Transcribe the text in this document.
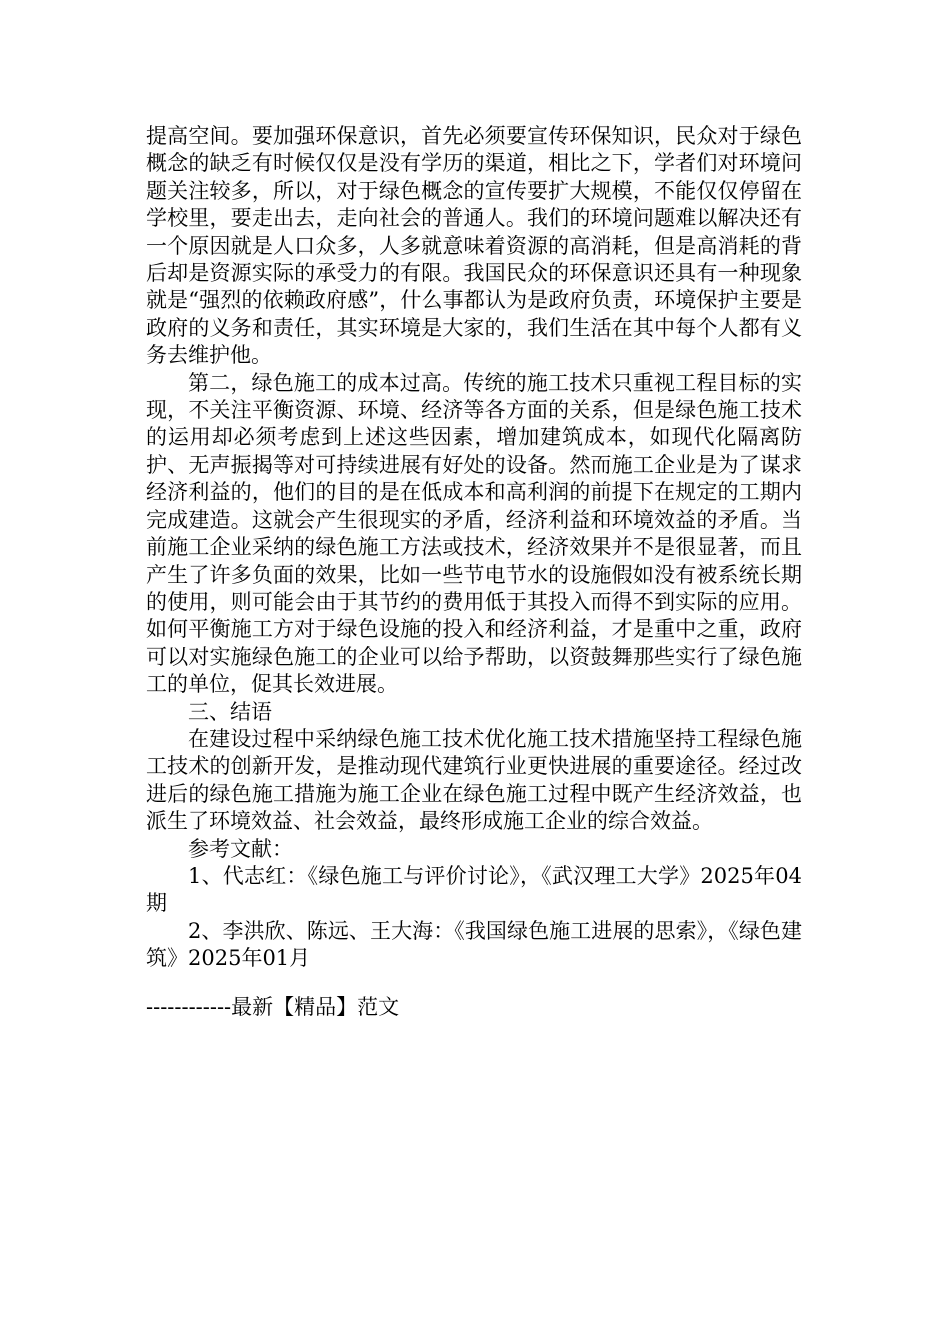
提高空间。要加强环保意识，首先必须要宣传环保知识，民众对于绿色概念的缺乏有时候仅仅是没有学历的渠道，相比之下，学者们对环境问题关注较多，所以，对于绿色概念的宣传要扩大规模，不能仅仅停留在学校里，要走出去，走向社会的普通人。我们的环境问题难以解决还有一个原因就是人口众多，人多就意味着资源的高消耗，但是高消耗的背后却是资源实际的承受力的有限。我国民众的环保意识还具有一种现象就是“强烈的依赖政府感”，什么事都认为是政府负责，环境保护主要是政府的义务和责任，其实环境是大家的，我们生活在其中每个人都有义务去维护他。

第二，绿色施工的成本过高。传统的施工技术只重视工程目标的实现，不关注平衡资源、环境、经济等各方面的关系，但是绿色施工技术的运用却必须考虑到上述这些因素，增加建筑成本，如现代化隔离防护、无声振揭等对可持续进展有好处的设备。然而施工企业是为了谋求经济利益的，他们的目的是在低成本和高利润的前提下在规定的工期内完成建造。这就会产生很现实的矛盾，经济利益和环境效益的矛盾。当前施工企业采纳的绿色施工方法或技术，经济效果并不是很显著，而且产生了许多负面的效果，比如一些节电节水的设施假如没有被系统长期的使用，则可能会由于其节约的费用低于其投入而得不到实际的应用。如何平衡施工方对于绿色设施的投入和经济利益，才是重中之重，政府可以对实施绿色施工的企业可以给予帮助，以资鼓舞那些实行了绿色施工的单位，促其长效进展。

三、结语

在建设过程中采纳绿色施工技术优化施工技术措施坚持工程绿色施工技术的创新开发，是推动现代建筑行业更快进展的重要途径。经过改进后的绿色施工措施为施工企业在绿色施工过程中既产生经济效益，也派生了环境效益、社会效益，最终形成施工企业的综合效益。

参考文献：

1、代志红：《绿色施工与评价讨论》，《武汉理工大学》2025年04期

2、李洪欣、陈远、王大海：《我国绿色施工进展的思索》，《绿色建筑》2025年01月

------------最新【精品】范文
